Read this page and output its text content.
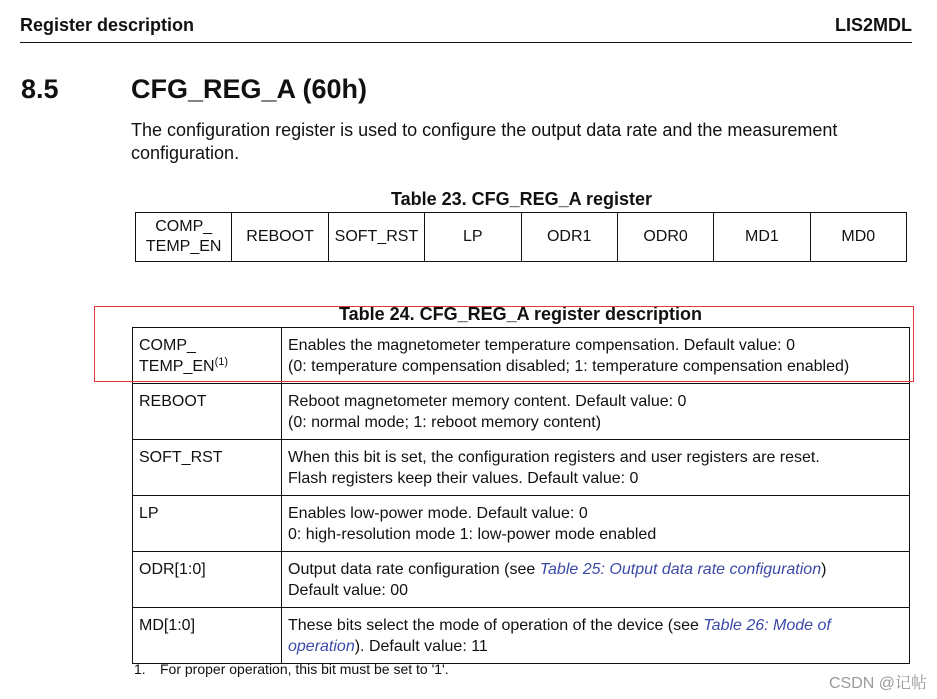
Register description	LIS2MDL
8.5	CFG_REG_A (60h)
The configuration register is used to configure the output data rate and the measurement
configuration.
Table 23. CFG_REG_A register
COMP_
TEMP_EN	REBOOT	SOFT_RST	LP	ODR1	ODR0	MD1	MD0
Table 24. CFG_REG_A register description
COMP_
TEMP_EN$^{(1)}$	Enables the magnetometer temperature compensation. Default value: 0
(0: temperature compensation disabled; 1: temperature compensation enabled)

REBOOT	Reboot magnetometer memory content. Default value: 0
(0: normal mode; 1: reboot memory content)

SOFT_RST	When this bit is set, the configuration registers and user registers are reset.
Flash registers keep their values. Default value: 0

LP	Enables low-power mode. Default value: 0
0: high-resolution mode 1: low-power mode enabled

ODR[1:0]	Output data rate configuration (see Table 25: Output data rate configuration)
Default value: 00

MD[1:0]	These bits select the mode of operation of the device (see Table 26: Mode of
operation). Default value: 11
1. For proper operation, this bit must be set to '1'.
CSDN @记帖
